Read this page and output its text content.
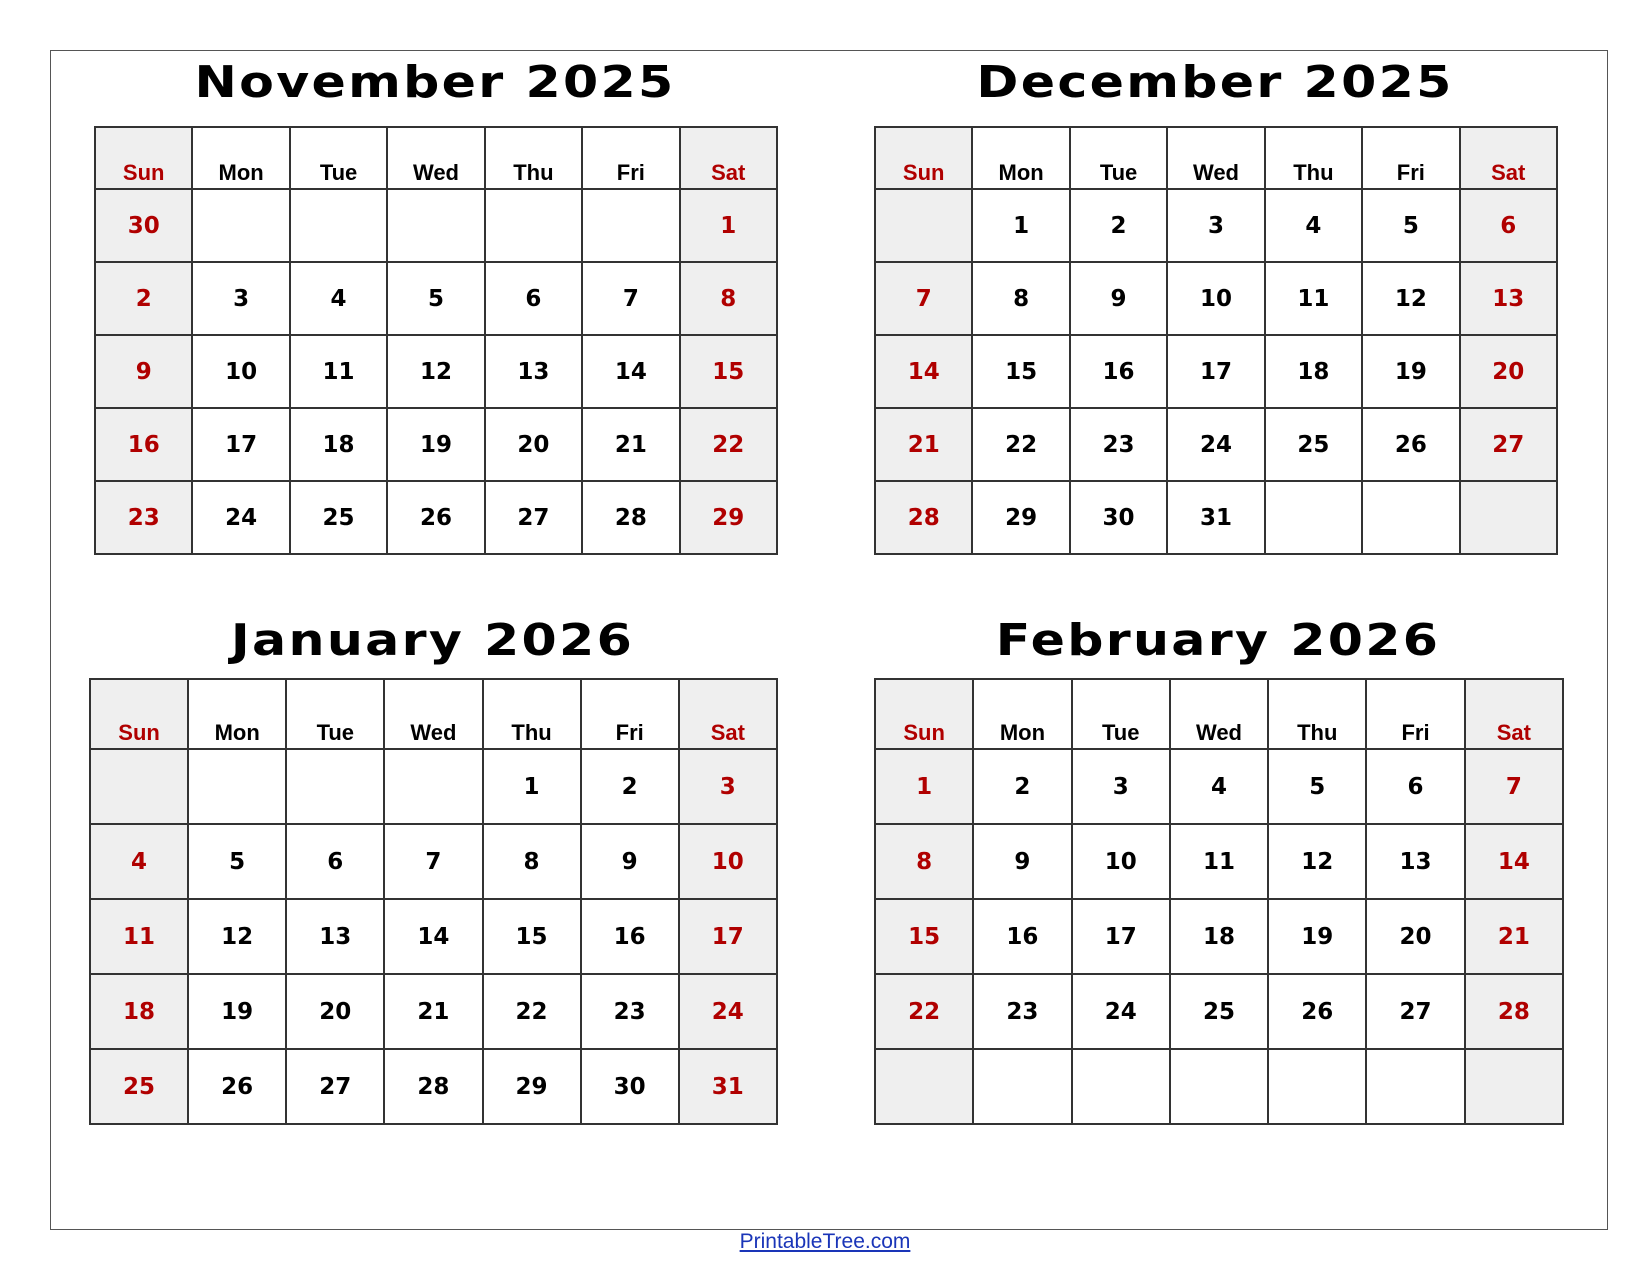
November 2025
Sun	Mon	Tue	Wed	Thu	Fri	Sat
30						1
2	3	4	5	6	7	8
9	10	11	12	13	14	15
16	17	18	19	20	21	22
23	24	25	26	27	28	29
December 2025
Sun	Mon	Tue	Wed	Thu	Fri	Sat
	1	2	3	4	5	6
7	8	9	10	11	12	13
14	15	16	17	18	19	20
21	22	23	24	25	26	27
28	29	30	31			
January 2026
Sun	Mon	Tue	Wed	Thu	Fri	Sat
				1	2	3
4	5	6	7	8	9	10
11	12	13	14	15	16	17
18	19	20	21	22	23	24
25	26	27	28	29	30	31
February 2026
Sun	Mon	Tue	Wed	Thu	Fri	Sat
1	2	3	4	5	6	7
8	9	10	11	12	13	14
15	16	17	18	19	20	21
22	23	24	25	26	27	28

PrintableTree.com
